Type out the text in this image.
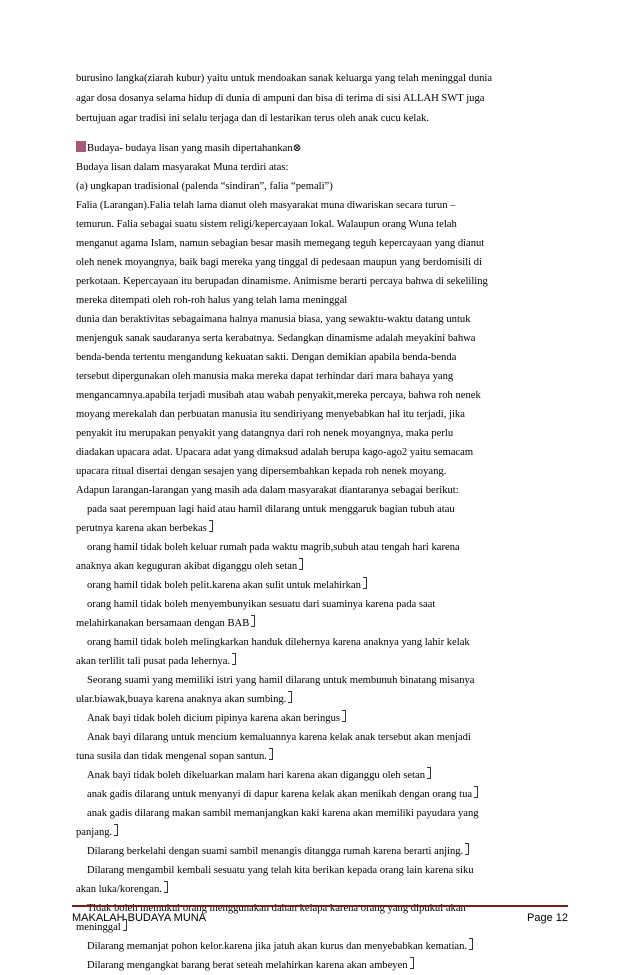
burusino langka(ziarah kubur) yaitu untuk mendoakan sanak keluarga yang telah meninggal dunia
agar dosa dosanya selama hidup di dunia di ampuni dan bisa di terima di sisi ALLAH SWT juga
bertujuan agar tradisi ini selalu terjaga dan di lestarikan terus oleh anak cucu kelak.
Budaya- budaya lisan yang masih dipertahankan⊗
Budaya lisan dalam masyarakat Muna terdiri atas:
(a) ungkapan tradisional (palenda “sindiran”, falia “pemali”)
Falia (Larangan).Falia telah lama dianut oleh masyarakat muna diwariskan secara turun –
temurun. Falia sebagai suatu sistem religi/kepercayaan lokal. Walaupun orang Wuna telah
menganut agama Islam, namun sebagian besar masih memegang teguh kepercayaan yang dianut
oleh nenek moyangnya, baik bagi mereka yang tinggal di pedesaan maupun yang berdomisili di
perkotaan. Kepercayaan itu berupadan dinamisme. Animisme berarti percaya bahwa di sekeliling
mereka ditempati oleh roh-roh halus yang telah lama meninggal
dunia dan beraktivitas sebagaimana halnya manusia biasa, yang sewaktu-waktu datang untuk
menjenguk sanak saudaranya serta kerabatnya. Sedangkan dinamisme adalah meyakini bahwa
benda-benda tertentu mengandung kekuatan sakti. Dengan demikian apabila benda-benda
tersebut dipergunakan oleh manusia maka mereka dapat terhindar dari mara bahaya yang
mengancamnya.apabila terjadi musibah atau wabah penyakit,mereka percaya, bahwa roh nenek
moyang merekalah dan perbuatan manusia itu sendiriyang menyebabkan hal itu terjadi, jika
penyakit itu merupakan penyakit yang datangnya dari roh nenek moyangnya, maka perlu
diadakan upacara adat. Upacara adat yang dimaksud adalah berupa kago-ago2 yaitu semacam
upacara ritual disertai dengan sesajen yang dipersembahkan kepada roh nenek moyang.
Adapun larangan-larangan yang masih ada dalam masyarakat diantaranya sebagai berikut:
pada saat perempuan lagi haid atau hamil dilarang untuk menggaruk bagian tubuh atau
perutnya karena akan berbekas
orang hamil tidak boleh keluar rumah pada waktu magrib,subuh atau tengah hari karena
anaknya akan keguguran akibat diganggu oleh setan
orang hamil tidak boleh pelit.karena akan sulit untuk melahirkan
orang hamil tidak boleh menyembunyikan sesuatu dari suaminya karena pada saat
melahirkanakan bersamaan dengan BAB
orang hamil tidak boleh melingkarkan handuk dilehernya karena anaknya yang lahir kelak
akan terlilit tali pusat pada lehernya.
Seorang suami yang memiliki istri yang hamil dilarang untuk membunuh binatang misanya
ular.biawak,buaya karena anaknya akan sumbing.
Anak bayi tidak boleh dicium pipinya karena akan beringus
Anak bayi dilarang untuk mencium kemaluannya karena kelak anak tersebut akan menjadi
tuna susila dan tidak mengenal sopan santun.
Anak bayi tidak boleh dikeluarkan malam hari karena akan diganggu oleh setan
anak gadis dilarang untuk menyanyi di dapur karena kelak akan menikah dengan orang tua
anak gadis dilarang makan sambil memanjangkan kaki karena akan memiliki payudara yang
panjang.
Dilarang berkelahi dengan suami sambil menangis ditangga rumah karena berarti anjing.
Dilarang mengambil kembali sesuatu yang telah kita berikan kepada orang lain karena siku
akan luka/korengan.
Tidak boleh memukul orang menggunakan dahan kelapa karena orang yang dipukul akan
meninggal
Dilarang memanjat pohon kelor.karena jika jatuh akan kurus dan menyebabkan kematian.
Dilarang mengangkat barang berat seteah melahirkan karena akan ambeyen
MAKALAH BUDAYA MUNA	Page 12
